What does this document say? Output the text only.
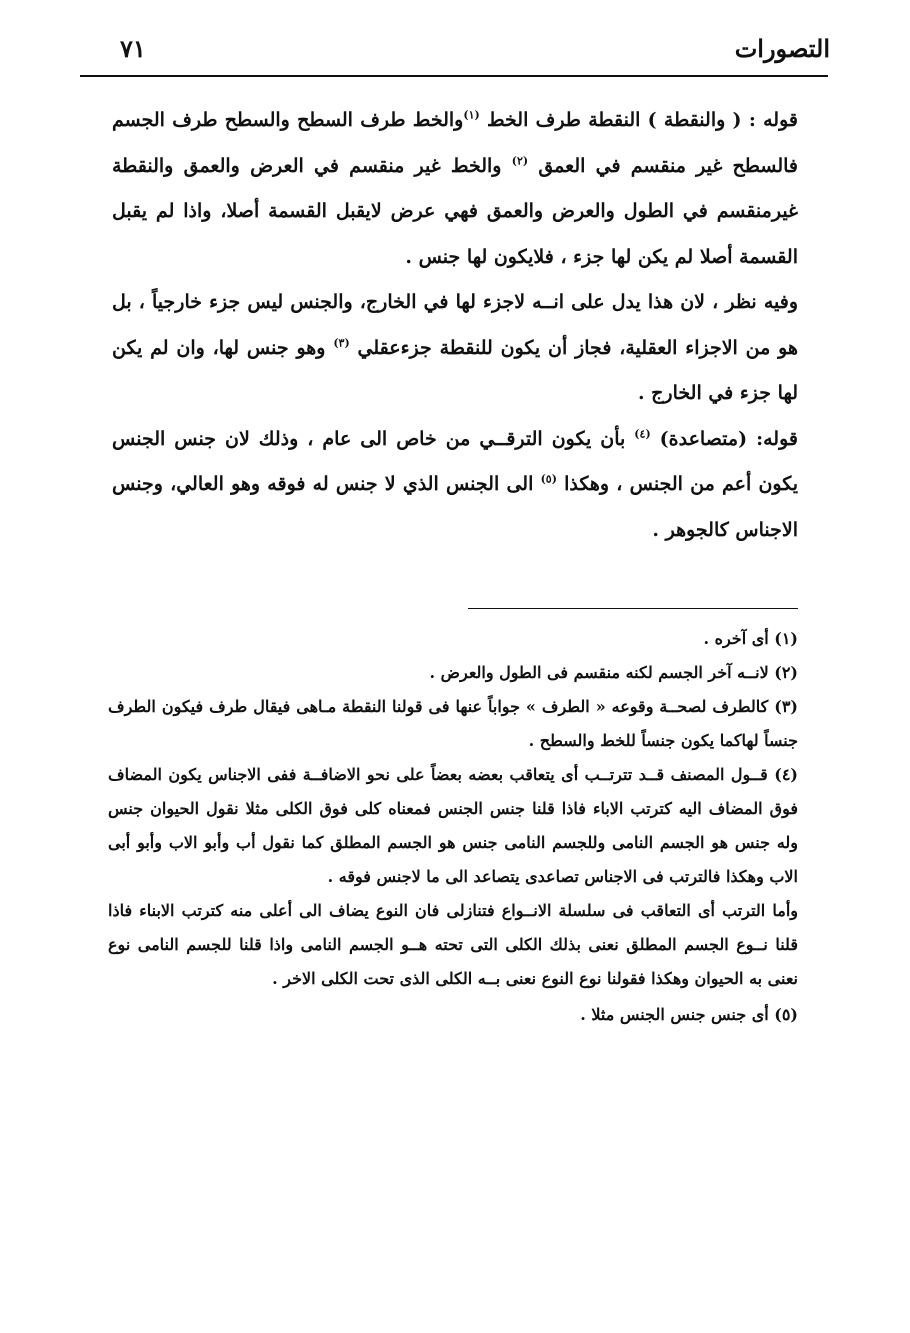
التصورات
٧١

قوله : ( والنقطة ) النقطة طرف الخط $^{(١)}$والخط طرف السطح والسطح طرف الجسم فالسطح غير منقسم في العمق $^{(٢)}$ والخط غير منقسم في العرض والعمق والنقطة غيرمنقسم في الطول والعرض والعمق فهي عرض لايقبل القسمة أصلا، واذا لم يقبل القسمة أصلا لم يكن لها جزء ، فلايكون لها جنس .

وفيه نظر ، لان هذا يدل على انــه لاجزء لها في الخارج، والجنس ليس جزء خارجياً ، بل هو من الاجزاء العقلية، فجاز أن يكون للنقطة جزءعقلي $^{(٣)}$ وهو جنس لها، وان لم يكن لها جزء في الخارج .

قوله: (متصاعدة) $^{(٤)}$ بأن يكون الترقــي من خاص الى عام ، وذلك لان جنس الجنس يكون أعم من الجنس ، وهكذا $^{(٥)}$ الى الجنس الذي لا جنس له فوقه وهو العالي، وجنس الاجناس كالجوهر .

(١) أى آخره .

(٢) لانــه آخر الجسم لكنه منقسم فى الطول والعرض .

(٣) كالطرف لصحــة وقوعه « الطرف » جواباً عنها فى قولنا النقطة مـاهى فيقال طرف فيكون الطرف جنساً لهاكما يكون جنساً للخط والسطح .

(٤) قــول المصنف قــد تترتــب أى يتعاقب بعضه بعضاً على نحو الاضافــة ففى الاجناس يكون المضاف فوق المضاف اليه كترتب الاباء فاذا قلنا جنس الجنس فمعناه كلى فوق الكلى مثلا نقول الحيوان جنس وله جنس هو الجسم النامى وللجسم النامى جنس هو الجسم المطلق كما نقول أب وأبو الاب وأبو أبى الاب وهكذا فالترتب فى الاجناس تصاعدى يتصاعد الى ما لاجنس فوقه .

وأما الترتب أى التعاقب فى سلسلة الانــواع فتنازلى فان النوع يضاف الى أعلى منه كترتب الابناء فاذا قلنا نــوع الجسم المطلق نعنى بذلك الكلى التى تحته هــو الجسم النامى واذا قلنا للجسم النامى نوع نعنى به الحيوان وهكذا فقولنا نوع النوع نعنى بــه الكلى الذى تحت الكلى الاخر .

(٥) أى جنس جنس الجنس مثلا .
